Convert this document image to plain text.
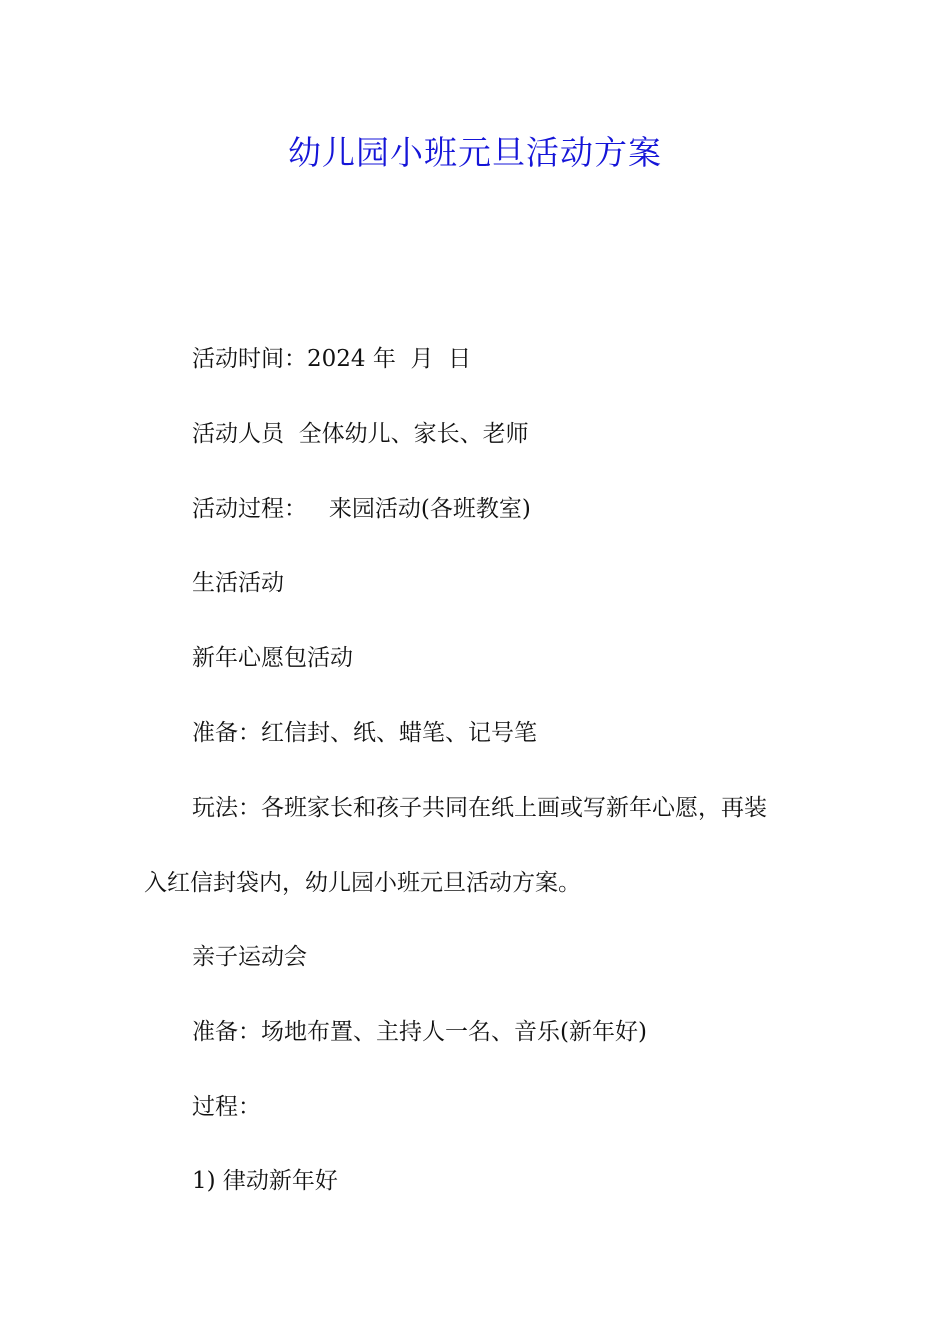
幼儿园小班元旦活动方案

活动时间：2024 年  月  日

活动人员  全体幼儿、家长、老师

活动过程：   来园活动(各班教室)

生活活动

新年心愿包活动

准备：红信封、纸、蜡笔、记号笔

玩法：各班家长和孩子共同在纸上画或写新年心愿，再装

入红信封袋内，幼儿园小班元旦活动方案。

亲子运动会

准备：场地布置、主持人一名、音乐(新年好)

过程：

1) 律动新年好
